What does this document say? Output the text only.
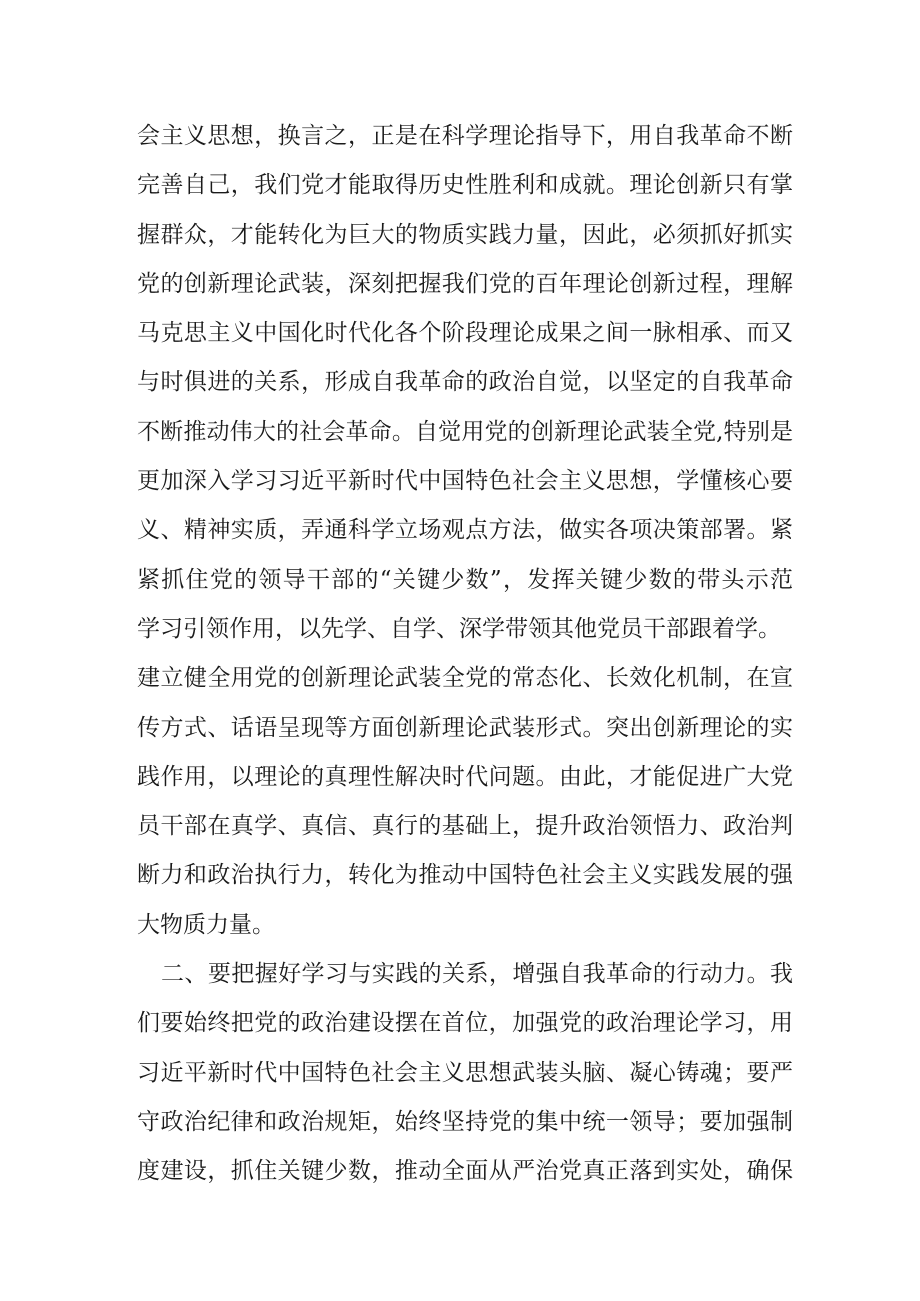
会主义思想，换言之，正是在科学理论指导下，用自我革命不断
完善自己，我们党才能取得历史性胜利和成就。理论创新只有掌
握群众，才能转化为巨大的物质实践力量，因此，必须抓好抓实
党的创新理论武装，深刻把握我们党的百年理论创新过程，理解
马克思主义中国化时代化各个阶段理论成果之间一脉相承、而又
与时俱进的关系，形成自我革命的政治自觉，以坚定的自我革命
不断推动伟大的社会革命。自觉用党的创新理论武装全党,特别是
更加深入学习习近平新时代中国特色社会主义思想，学懂核心要
义、精神实质，弄通科学立场观点方法，做实各项决策部署。紧
紧抓住党的领导干部的“关键少数”，发挥关键少数的带头示范
学习引领作用，以先学、自学、深学带领其他党员干部跟着学。
建立健全用党的创新理论武装全党的常态化、长效化机制，在宣
传方式、话语呈现等方面创新理论武装形式。突出创新理论的实
践作用，以理论的真理性解决时代问题。由此，才能促进广大党
员干部在真学、真信、真行的基础上，提升政治领悟力、政治判
断力和政治执行力，转化为推动中国特色社会主义实践发展的强
大物质力量。
二、要把握好学习与实践的关系，增强自我革命的行动力。我
们要始终把党的政治建设摆在首位，加强党的政治理论学习，用
习近平新时代中国特色社会主义思想武装头脑、凝心铸魂；要严
守政治纪律和政治规矩，始终坚持党的集中统一领导；要加强制
度建设，抓住关键少数，推动全面从严治党真正落到实处，确保
